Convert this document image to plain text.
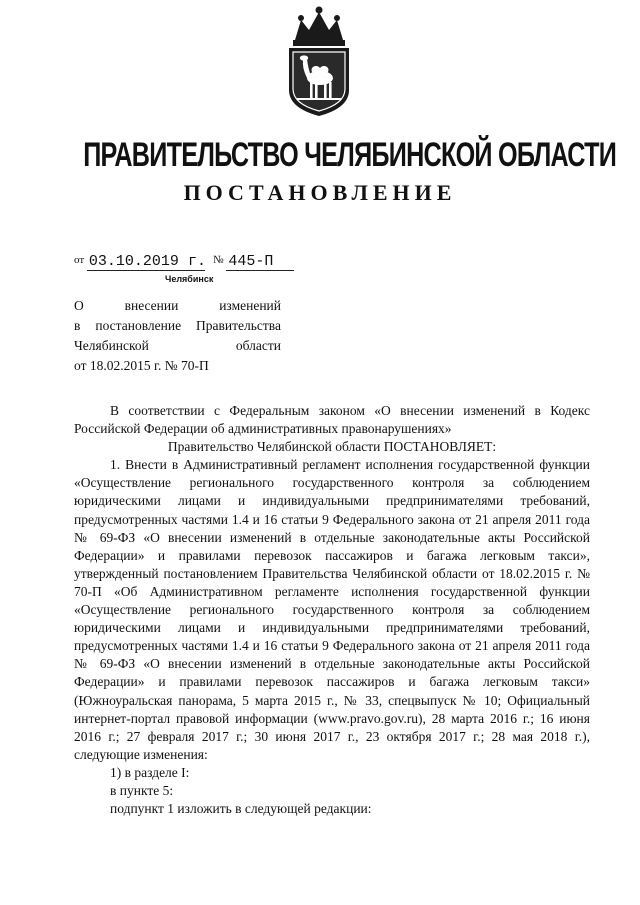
ПРАВИТЕЛЬСТВО ЧЕЛЯБИНСКОЙ ОБЛАСТИ
ПОСТАНОВЛЕНИЕ
от 03.10.2019 г. № 445-П
Челябинск
О внесении изменений
в постановление Правительства
Челябинской области
от 18.02.2015 г. № 70-П

В соответствии с Федеральным законом «О внесении изменений в Кодекс Российской Федерации об административных правонарушениях»

Правительство Челябинской области ПОСТАНОВЛЯЕТ:

1. Внести в Административный регламент исполнения государственной функции «Осуществление регионального государственного контроля за соблюдением юридическими лицами и индивидуальными предпринимателями требований, предусмотренных частями 1.4 и 16 статьи 9 Федерального закона от 21 апреля 2011 года № 69-ФЗ «О внесении изменений в отдельные законодательные акты Российской Федерации» и правилами перевозок пассажиров и багажа легковым такси», утвержденный постановлением Правительства Челябинской области от 18.02.2015 г. № 70-П «Об Административном регламенте исполнения государственной функции «Осуществление регионального государственного контроля за соблюдением юридическими лицами и индивидуальными предпринимателями требований, предусмотренных частями 1.4 и 16 статьи 9 Федерального закона от 21 апреля 2011 года № 69-ФЗ «О внесении изменений в отдельные законодательные акты Российской Федерации» и правилами перевозок пассажиров и багажа легковым такси» (Южноуральская панорама, 5 марта 2015 г., № 33, спецвыпуск № 10; Официальный интернет-портал правовой информации (www.pravo.gov.ru), 28 марта 2016 г.; 16 июня 2016 г.; 27 февраля 2017 г.; 30 июня 2017 г., 23 октября 2017 г.; 28 мая 2018 г.), следующие изменения:

1) в разделе I:

в пункте 5:

подпункт 1 изложить в следующей редакции:
